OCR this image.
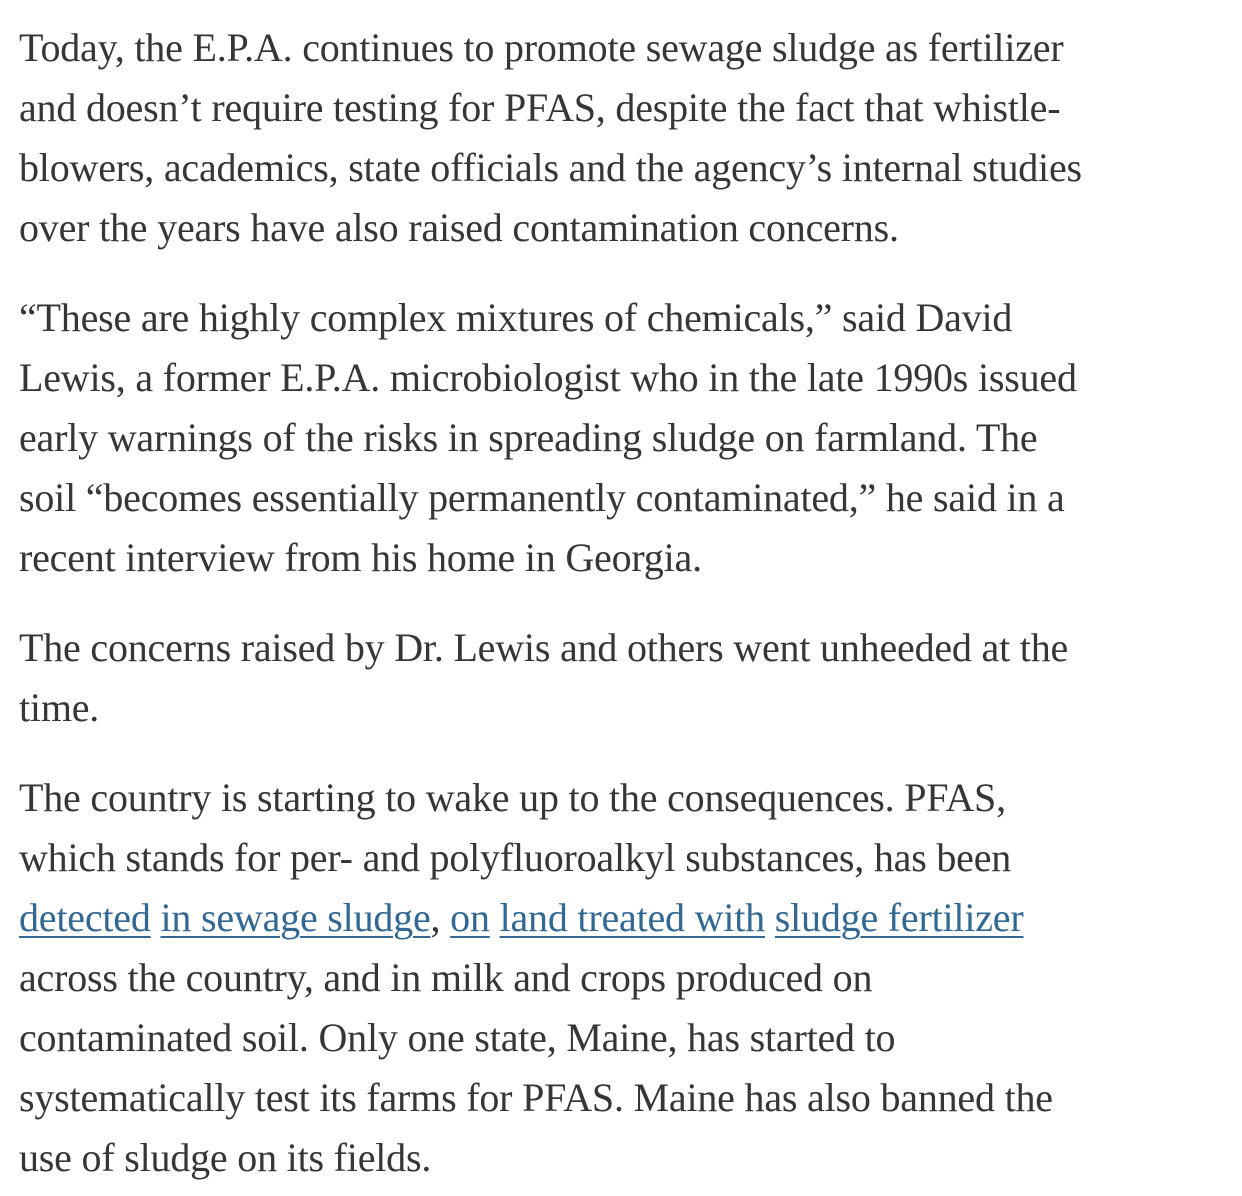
Today, the E.P.A. continues to promote sewage sludge as fertilizer
and doesn’t require testing for PFAS, despite the fact that whistle-
blowers, academics, state officials and the agency’s internal studies
over the years have also raised contamination concerns.

“These are highly complex mixtures of chemicals,” said David
Lewis, a former E.P.A. microbiologist who in the late 1990s issued
early warnings of the risks in spreading sludge on farmland. The
soil “becomes essentially permanently contaminated,” he said in a
recent interview from his home in Georgia.

The concerns raised by Dr. Lewis and others went unheeded at the
time.

The country is starting to wake up to the consequences. PFAS,
which stands for per- and polyfluoroalkyl substances, has been
detected in sewage sludge, on land treated with sludge fertilizer
across the country, and in milk and crops produced on
contaminated soil. Only one state, Maine, has started to
systematically test its farms for PFAS. Maine has also banned the
use of sludge on its fields.
